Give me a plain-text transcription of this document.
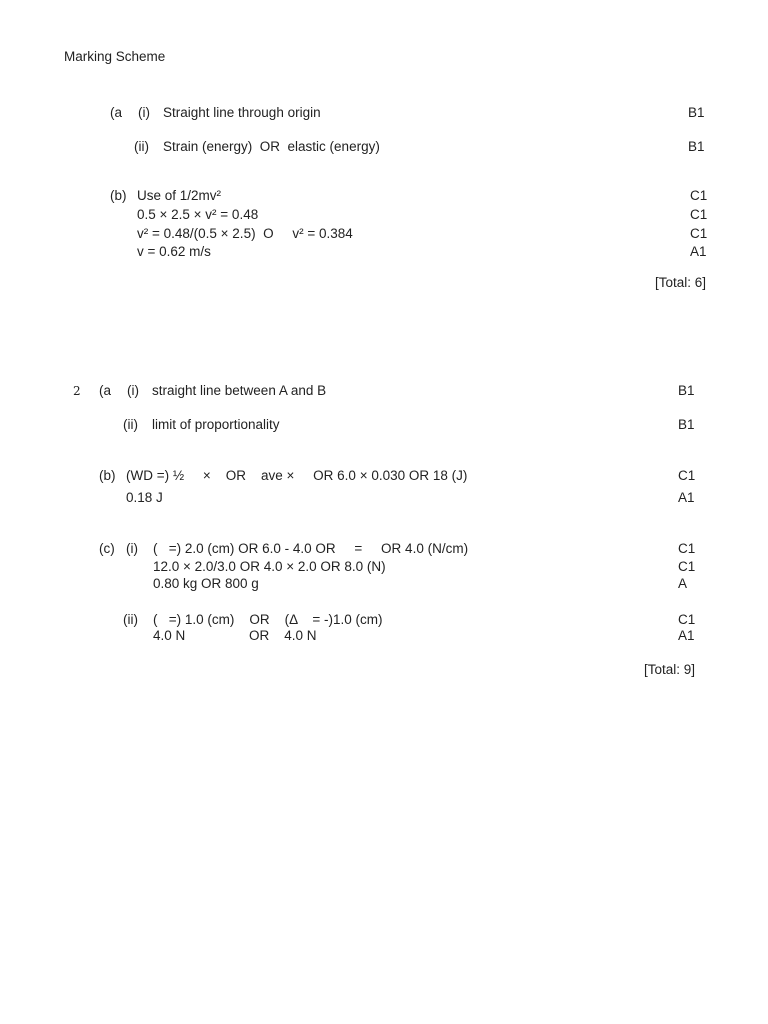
Marking Scheme
(a (i) Straight line through origin	B1
(ii) Strain (energy)  OR  elastic (energy)	B1
(b) Use of 1/2mv²	C1
0.5 × 2.5 × v² = 0.48	C1
v² = 0.48/(0.5 × 2.5)  O     v² = 0.384	C1
v = 0.62 m/s	A1
[Total: 6]
2 (a (i) straight line between A and B	B1
(ii) limit of proportionality	B1
(b) (WD =) ½     ×    OR    ave ×     OR 6.0 × 0.030 OR 18 (J)	C1
0.18 J	A1
(c) (i) (   =) 2.0 (cm) OR 6.0 - 4.0 OR     =     OR 4.0 (N/cm)	C1
12.0 × 2.0/3.0 OR 4.0 × 2.0 OR 8.0 (N)	C1
0.80 kg OR 800 g	A
(ii) (   =) 1.0 (cm)    OR    (Δ    = -)1.0 (cm)	C1
4.0 N                 OR    4.0 N	A1
[Total: 9]
